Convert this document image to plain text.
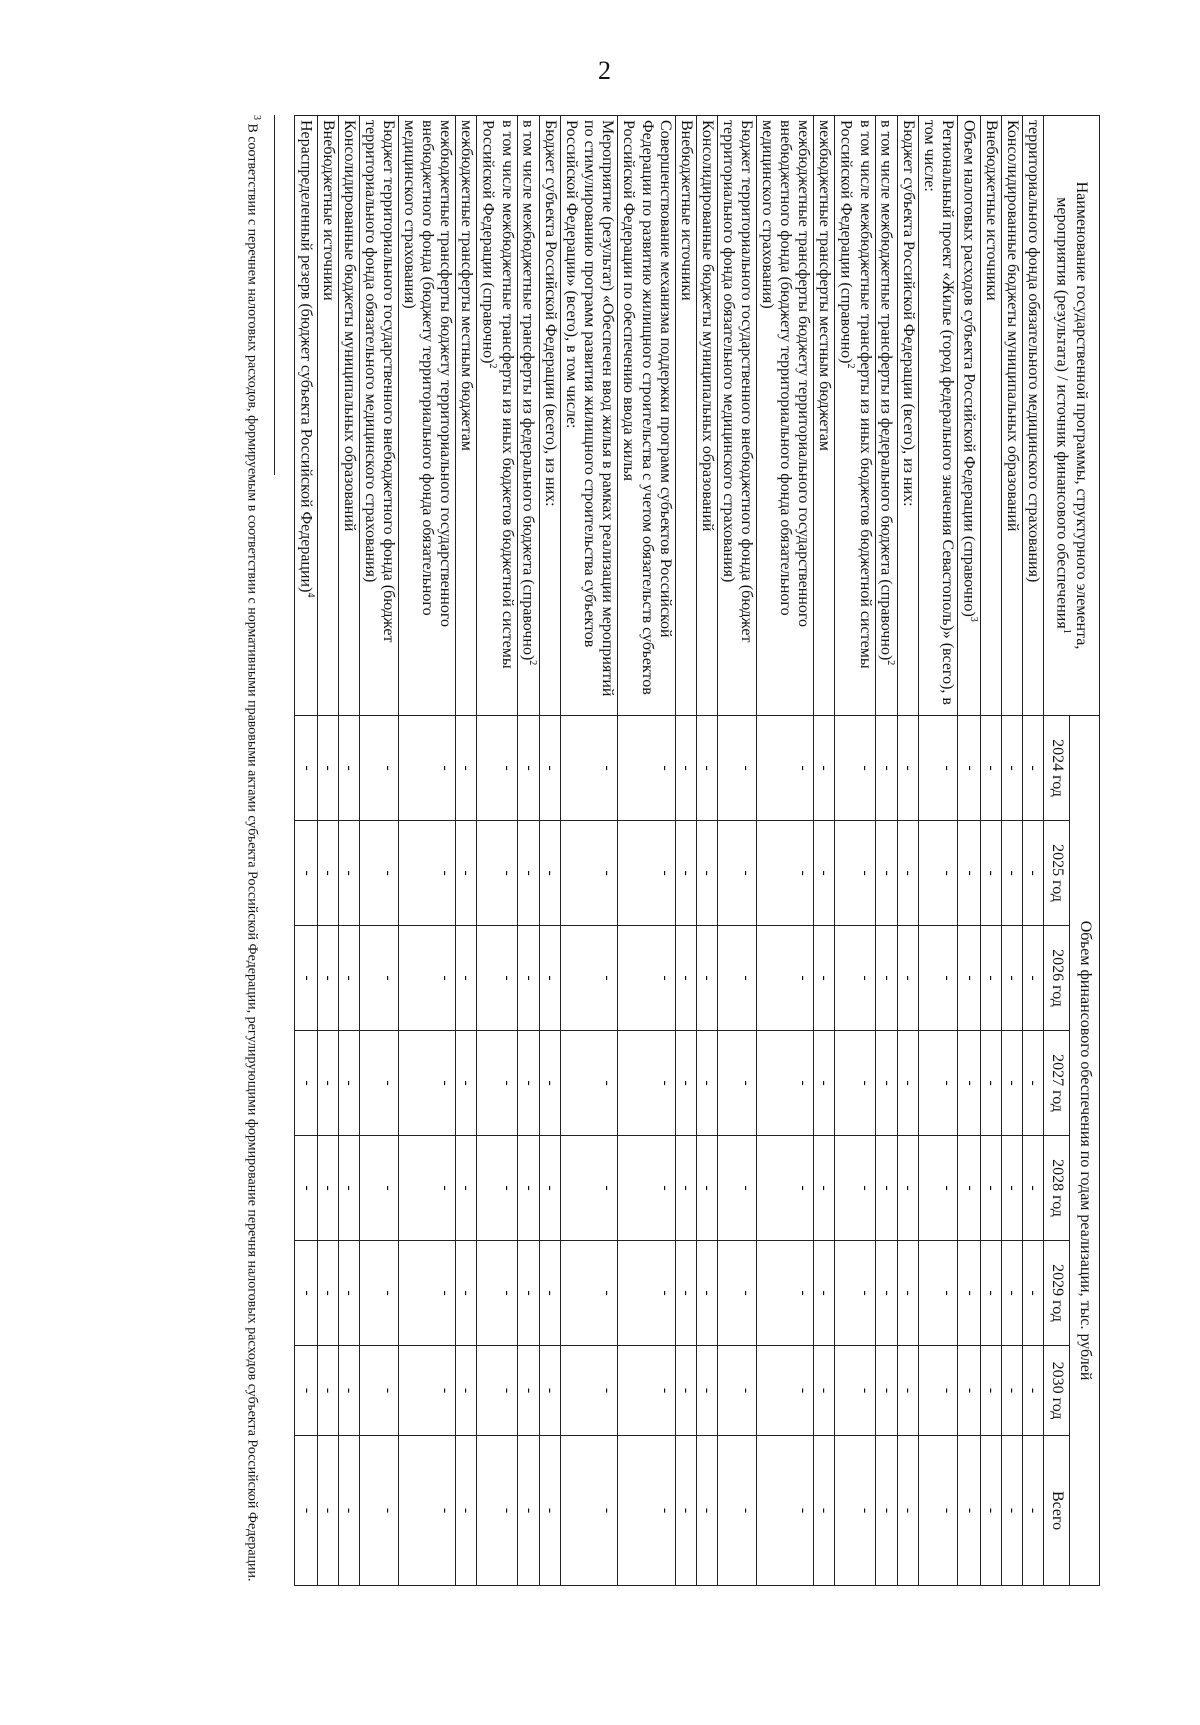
2
Наименование государственной программы, структурного элемента,
мероприятия (результата) / источник финансового обеспечения$^1$	Объем финансового обеспечения по годам реализации, тыс. рублей							
	2024 год	2025 год	2026 год	2027 год	2028 год	2029 год	2030 год	Всего
территориального фонда обязательного медицинского страхования)	-	-	-	-	-	-	-	-
Консолидированные бюджеты муниципальных образований	-	-	-	-	-	-	-	-
Внебюджетные источники	-	-	-	-	-	-	-	-
Объем налоговых расходов субъекта Российской Федерации (справочно)$^3$	-	-	-	-	-	-	-	-
Региональный проект «Жилье (город федерального значения Севастополь)» (всего), в том числе:	-	-	-	-	-	-	-	-
Бюджет субъекта Российской Федерации (всего), из них:	-	-	-	-	-	-	-	-
в том числе межбюджетные трансферты из федерального бюджета (справочно)$^2$	-	-	-	-	-	-	-	-
в том числе межбюджетные трансферты из иных бюджетов бюджетной системы Российской Федерации (справочно)$^2$	-	-	-	-	-	-	-	-
межбюджетные трансферты местным бюджетам	-	-	-	-	-	-	-	-
межбюджетные трансферты бюджету территориального государственного внебюджетного фонда (бюджету территориального фонда обязательного медицинского страхования)	-	-	-	-	-	-	-	-
Бюджет территориального государственного внебюджетного фонда (бюджет территориального фонда обязательного медицинского страхования)	-	-	-	-	-	-	-	-
Консолидированные бюджеты муниципальных образований	-	-	-	-	-	-	-	-
Внебюджетные источники	-	-	-	-	-	-	-	-
Совершенствование механизма поддержки программ субъектов Российской Федерации по развитию жилищного строительства с учетом обязательств субъектов Российской Федерации по обеспечению ввода жилья	-	-	-	-	-	-	-	-
Мероприятие (результат) «Обеспечен ввод жилья в рамках реализации мероприятий по стимулированию программ развития жилищного строительства субъектов Российской Федерации» (всего), в том числе:	-	-	-	-	-	-	-	-
Бюджет субъекта Российской Федерации (всего), из них:	-	-	-	-	-	-	-	-
в том числе межбюджетные трансферты из федерального бюджета (справочно)$^2$	-	-	-	-	-	-	-	-
в том числе межбюджетные трансферты из иных бюджетов бюджетной системы Российской Федерации (справочно)$^2$	-	-	-	-	-	-	-	-
межбюджетные трансферты местным бюджетам	-	-	-	-	-	-	-	-
межбюджетные трансферты бюджету территориального государственного внебюджетного фонда (бюджету территориального фонда обязательного медицинского страхования)	-	-	-	-	-	-	-	-
Бюджет территориального государственного внебюджетного фонда (бюджет территориального фонда обязательного медицинского страхования)	-	-	-	-	-	-	-	-
Консолидированные бюджеты муниципальных образований	-	-	-	-	-	-	-	-
Внебюджетные источники	-	-	-	-	-	-	-	-
Нераспределенный резерв (бюджет субъекта Российской Федерации)$^4$	-	-	-	-	-	-	-	-
$^3$ В соответствии с перечнем налоговых расходов, формируемым в соответствии с нормативными правовыми актами субъекта Российской Федерации, регулирующими формирование перечня налоговых расходов субъекта Российской Федерации.
